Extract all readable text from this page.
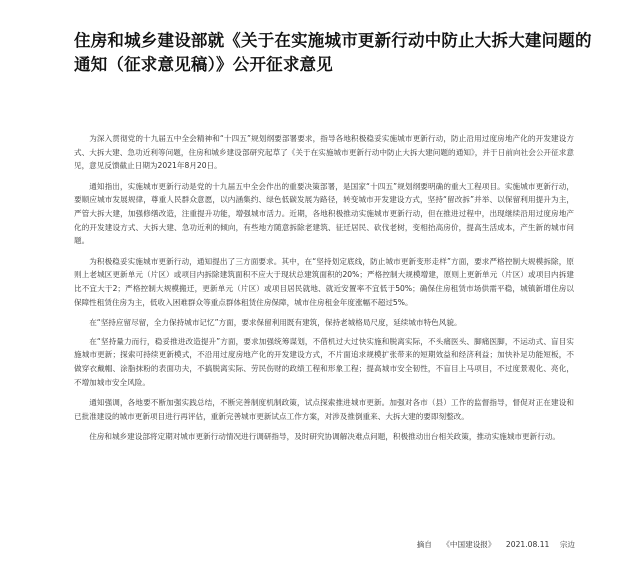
住房和城乡建设部就《关于在实施城市更新行动中防止大拆大建问题的
通知（征求意见稿）》公开征求意见

为深入贯彻党的十九届五中全会精神和“十四五”规划纲要部署要求，指导各地积极稳妥实施城市更新行动，防止沿用过度房地产化的开发建设方式、大拆大建、急功近利等问题，住房和城乡建设部研究起草了《关于在实施城市更新行动中防止大拆大建问题的通知》，并于日前向社会公开征求意见，意见反馈截止日期为2021年8月20日。

通知指出，实施城市更新行动是党的十九届五中全会作出的重要决策部署，是国家“十四五”规划纲要明确的重大工程项目。实施城市更新行动，要顺应城市发展规律，尊重人民群众意愿，以内涵集约、绿色低碳发展为路径，转变城市开发建设方式，坚持“留改拆”并举、以保留利用提升为主，严管大拆大建，加强修缮改造，注重提升功能，增强城市活力。近期，各地积极推动实施城市更新行动，但在推进过程中，出现继续沿用过度房地产化的开发建设方式、大拆大建、急功近利的倾向，有些地方随意拆除老建筑、征迁居民、砍伐老树，变相抬高房价，提高生活成本，产生新的城市问题。

为积极稳妥实施城市更新行动，通知提出了三方面要求。其中，在“坚持划定底线，防止城市更新变形走样”方面，要求严格控制大规模拆除，原则上老城区更新单元（片区）或项目内拆除建筑面积不应大于现状总建筑面积的20%；严格控制大规模增建，原则上更新单元（片区）或项目内拆建比不宜大于2；严格控制大规模搬迁，更新单元（片区）或项目居民就地、就近安置率不宜低于50%；确保住房租赁市场供需平稳，城镇新增住房以保障性租赁住房为主，低收入困难群众等重点群体租赁住房保障，城市住房租金年度涨幅不超过5%。

在“坚持应留尽留，全力保持城市记忆”方面，要求保留利用既有建筑，保持老城格局尺度，延续城市特色风貌。

在“坚持量力而行，稳妥推进改造提升”方面，要求加强统筹谋划，不借机过大过快实施和脱离实际，不头痛医头、脚痛医脚，不运动式、盲目实施城市更新；探索可持续更新模式，不沿用过度房地产化的开发建设方式，不片面追求规模扩张带来的短期效益和经济利益；加快补足功能短板，不做穿衣戴帽、涂脂抹粉的表面功夫，不搞脱离实际、劳民伤财的政绩工程和形象工程；提高城市安全韧性，不盲目上马项目，不过度景观化、亮化，不增加城市安全风险。

通知强调，各地要不断加强实践总结，不断完善制度机制政策，试点探索推进城市更新。加强对各市（县）工作的监督指导，督促对正在建设和已批准建设的城市更新项目进行再评估，重新完善城市更新试点工作方案，对涉及推倒重来、大拆大建的要即刻整改。

住房和城乡建设部将定期对城市更新行动情况进行调研指导，及时研究协调解决难点问题，积极推动出台相关政策，推动实施城市更新行动。

摘自 《中国建设报》 2021.08.11 宗边
